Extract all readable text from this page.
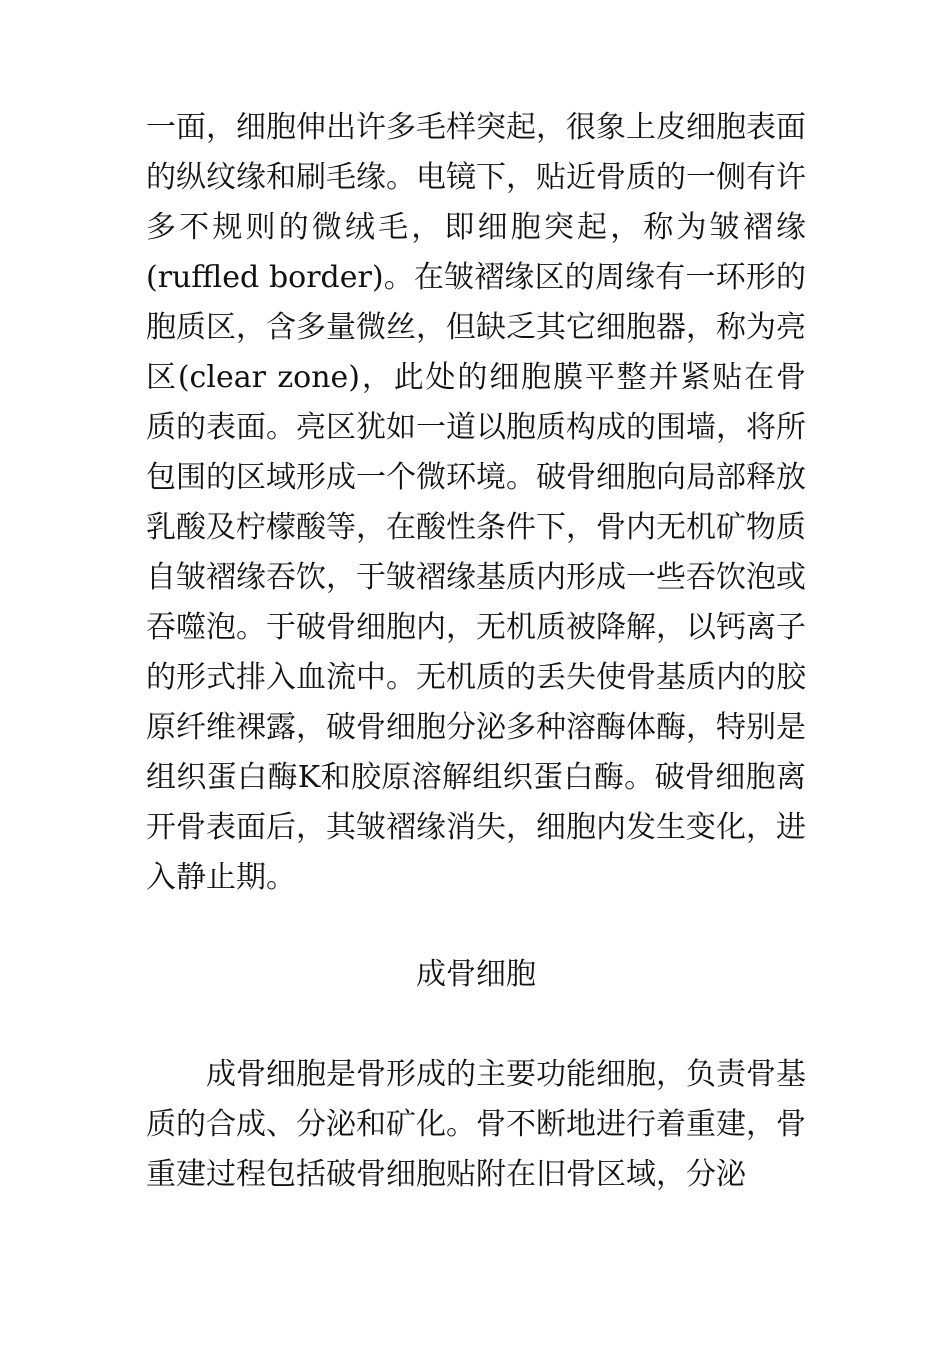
一面，细胞伸出许多毛样突起，很象上皮细胞表面的纵纹缘和刷毛缘。电镜下，贴近骨质的一侧有许多不规则的微绒毛，即细胞突起，称为皱褶缘(ruffled border)。在皱褶缘区的周缘有一环形的胞质区，含多量微丝，但缺乏其它细胞器，称为亮区(clear zone)，此处的细胞膜平整并紧贴在骨质的表面。亮区犹如一道以胞质构成的围墙，将所包围的区域形成一个微环境。破骨细胞向局部释放乳酸及柠檬酸等，在酸性条件下，骨内无机矿物质自皱褶缘吞饮，于皱褶缘基质内形成一些吞饮泡或吞噬泡。于破骨细胞内，无机质被降解，以钙离子的形式排入血流中。无机质的丢失使骨基质内的胶原纤维裸露，破骨细胞分泌多种溶酶体酶，特别是组织蛋白酶K和胶原溶解组织蛋白酶。破骨细胞离开骨表面后，其皱褶缘消失，细胞内发生变化，进入静止期。

成骨细胞

成骨细胞是骨形成的主要功能细胞，负责骨基质的合成、分泌和矿化。骨不断地进行着重建，骨重建过程包括破骨细胞贴附在旧骨区域，分泌
